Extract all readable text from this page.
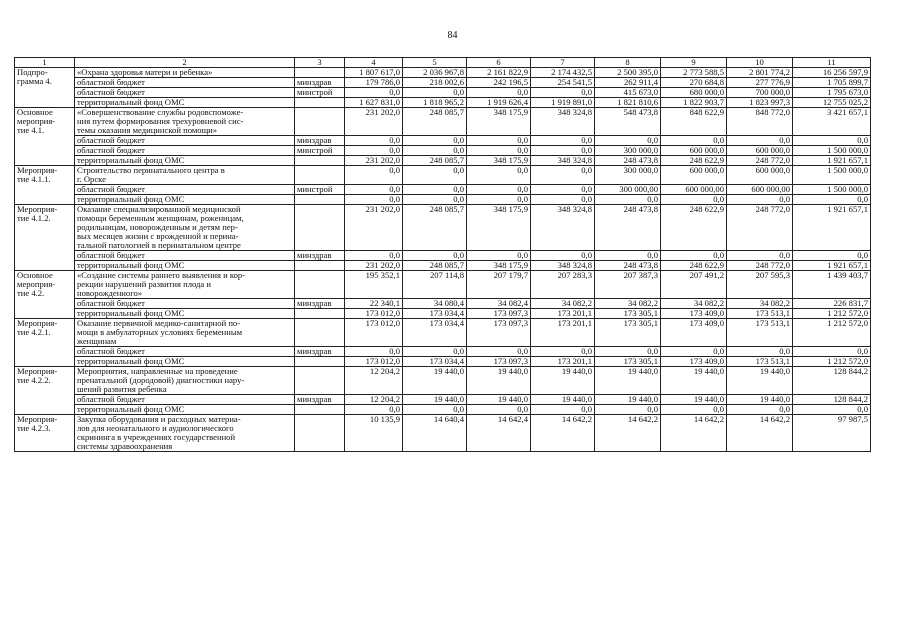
84
1	2	3	4	5	6	7	8	9	10	11
Подпро-
грамма 4.	«Охрана здоровья матери и ребенка»		1 807 617,0	2 036 967,8	2 161 822,9	2 174 432,5	2 500 395,0	2 773 588,5	2 801 774,2	16 256 597,9
	областной бюджет	минздрав	179 786,0	218 002,6	242 196,5	254 541,5	262 911,4	270 684,8	277 776,9	1 705 899,7
	областной бюджет	минстрой	0,0	0,0	0,0	0,0	415 673,0	680 000,0	700 000,0	1 795 673,0
	территориальный фонд ОМС		1 627 831,0	1 818 965,2	1 919 626,4	1 919 891,0	1 821 810,6	1 822 903,7	1 823 997,3	12 755 025,2
Основное
мероприя-
тие 4.1.	«Совершенствование службы родовспоможе-
ния путем формирования трехуровневой сис-
темы оказания медицинской помощи»		231 202,0	248 085,7	348 175,9	348 324,8	548 473,8	848 622,9	848 772,0	3 421 657,1
	областной бюджет	минздрав	0,0	0,0	0,0	0,0	0,0	0,0	0,0	0,0
	областной бюджет	минстрой	0,0	0,0	0,0	0,0	300 000,0	600 000,0	600 000,0	1 500 000,0
	территориальный фонд ОМС		231 202,0	248 085,7	348 175,9	348 324,8	248 473,8	248 622,9	248 772,0	1 921 657,1
Мероприя-
тие 4.1.1.	Строительство перинатального центра в
г. Орске		0,0	0,0	0,0	0,0	300 000,0	600 000,0	600 000,0	1 500 000,0
	областной бюджет	минстрой	0,0	0,0	0,0	0,0	300 000,00	600 000,00	600 000,00	1 500 000,0
	территориальный фонд ОМС		0,0	0,0	0,0	0,0	0,0	0,0	0,0	0,0
Мероприя-
тие 4.1.2.	Оказание специализированной медицинской
помощи беременным женщинам, роженицам,
родильницам, новорожденным и детям пер-
вых месяцев жизни с врожденной и перина-
тальной патологией в перинатальном центре		231 202,0	248 085,7	348 175,9	348 324,8	248 473,8	248 622,9	248 772,0	1 921 657,1
	областной бюджет	минздрав	0,0	0,0	0,0	0,0	0,0	0,0	0,0	0,0
	территориальный фонд ОМС		231 202,0	248 085,7	348 175,9	348 324,8	248 473,8	248 622,9	248 772,0	1 921 657,1
Основное
мероприя-
тие 4.2.	«Создание системы раннего выявления и кор-
рекции нарушений развития плода и
новорожденного»		195 352,1	207 114,8	207 179,7	207 283,3	207 387,3	207 491,2	207 595,3	1 439 403,7
	областной бюджет	минздрав	22 340,1	34 080,4	34 082,4	34 082,2	34 082,2	34 082,2	34 082,2	226 831,7
	территориальный фонд ОМС		173 012,0	173 034,4	173 097,3	173 201,1	173 305,1	173 409,0	173 513,1	1 212 572,0
Мероприя-
тие 4.2.1.	Оказание первичной медико-санитарной по-
мощи в амбулаторных условиях беременным
женщинам		173 012,0	173 034,4	173 097,3	173 201,1	173 305,1	173 409,0	173 513,1	1 212 572,0
	областной бюджет	минздрав	0,0	0,0	0,0	0,0	0,0	0,0	0,0	0,0
	территориальный фонд ОМС		173 012,0	173 034,4	173 097,3	173 201,1	173 305,1	173 409,0	173 513,1	1 212 572,0
Мероприя-
тие 4.2.2.	Мероприятия, направленные на проведение
пренатальной (дородовой) диагностики нару-
шений развития ребенка		12 204,2	19 440,0	19 440,0	19 440,0	19 440,0	19 440,0	19 440,0	128 844,2
	областной бюджет	минздрав	12 204,2	19 440,0	19 440,0	19 440,0	19 440,0	19 440,0	19 440,0	128 844,2
	территориальный фонд ОМС		0,0	0,0	0,0	0,0	0,0	0,0	0,0	0,0
Мероприя-
тие 4.2.3.	Закупка оборудования и расходных материа-
лов для неонатального и аудиологического
скрининга в учреждениях государственной
системы здравоохранения		10 135,9	14 640,4	14 642,4	14 642,2	14 642,2	14 642,2	14 642,2	97 987,5
